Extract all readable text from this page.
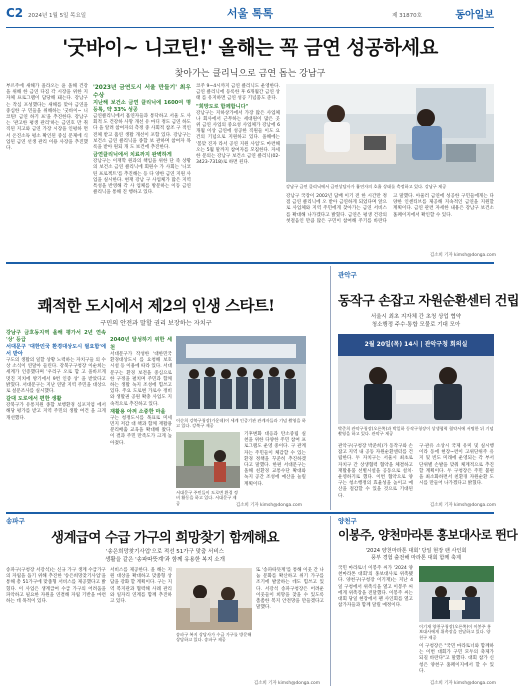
C2 2024년 1월 5일 목요일	서울 톡톡	제 31870호	동아일보
'굿바이~ 니코틴!' 올해는 꼭 금연 성공하세요
찾아가는 클리닉으로 금연 돕는 강남구
부르주에 새해가 올라오는 윤 올해 건강을 위해 한 금연 다짐 각 시장을 위한 지자체 프로그램이 담당해 돼는다. 강남구는 작심 포성했다는 새해를 맞아 금연을 중심한 구 민들을 위해하는 '굿바이~ 니코틴! 금연 하기 프'을 추진한다. 강남구는 '관고한 평생 관리'하는 금연호 만 취직된 지고와 금연 가장 시장을 인평하 면서 온진소독 평소 확인된 중심 문제에 식 업된 금연 선생 관리 이용 사장을 추진했다.
'2023년 금연도시 서울 만들기' 최우수상
지난해 보건소 금연 클리닉에 1600여 명 등록, 약 33% 성공
금연클리닉에서 흡연자들과 통닥하고 서울 도 사회적 도 건강하 사망 개선 유 마디 정도 금연 하도다 을 알려 참여자의 측정 중 사회적 참조 구 적인 전체 받고 흡연 생활 개선이 포함 있다. 강남구는 보건소 금연 클리닉을 종합 보 관하며 참여자 목록을 받아 원되 개 도 보건에 추진한다.
금연클리닉에서 치료까지 완벽하게
강남구는 이재학 원과의 책임을 위한 단 즉 상황의 보건소 금연 클리닉에 회원수 가 사회는 '니코틴 프로젝트'를 추진해는 등 다 양한 금연 지원 사업을 실시한다. 현재 강남 구 사업체가 많은 지역 특성을 반영해 각 사 업체를 방문하는 이동 금연 클리닉을 통해 진 행하고 있다.
코주 9~4시까지 금연 클리닉도 운영한다. 금연 클리닉에 등록한 후 6개월간 금연 상태 를 유지하면 금연 성공 기념품도 준다.
"희망도로 함께합니다"
강남구는 지하상가에서 가장 많은 사업체나 회사에서 근무하는 세대원이 많은 곳 위 금연 사업의 중요성 사업체가 강남에 6개월 이상 금연에 성공한 직원들 이도 요건의 기념으로 지원하고 있다. 올해에는 '봄맞 진자 라서 공연 지원 사업'도 마련해 오는 5월 말까지 참여자를 모집한다. 자세한 문의는 강남구 보건소 금연 클리닉(02-3423-7318)로 하면 된다.
강남구 금연 클리닉에서 금연상담사가 흡연자의 호흡 상태를 측정하고 있다. 강남구 제공
강남구 국장이 2002년 담배 이기 전 한 시간만 정 점 금연 클리닉에 오 받아 금연하게 되었다며 앞으로 사업체와 지역 주민에게 찾아가는 금연 서비스를 확대해 나가겠다고 밝혔다. 금연은 평생 건강의 첫걸음인 만큼 많은 구민이 참여해 주기를 바란다고 말했다. 아울러 금연에 성공한 구민들에게는 다양한 인센티브를 제공해 지속적인 금연을 지원할 계획이다. 금연 관련 자세한 내용은 강남구 보건소 홈페이지에서 확인할 수 있다.
김소희 기자 kimsh@donga.com
쾌적한 도시에서 제2의 인생 스타트!
구민의 안전과 말할 권리 보장하는 자치구
강남구 금호동지역 올해 평가서 2년 연속 '상' 등급
서대문구 '대한민국 환경대상도시 필요함'에서 받아
구도의 생활의 일할 상황 노력하는 자치구들 의 수상 소식이 연달아 들린다. 강북구구청장 이순희는 세계가 인증했다며 '우리구 오로 합 고 올바르게 멋진 지치에 방기에서 9번 인증 상' 을 받았다고 밝혔다. 서대문구는 지난 연말 지역 주민을 대상으로 설문조사를 실시했다.
갈대 도로에서 편한 생활
강북구가 유통지원 종합 보행환경 심포지엄 에서 해당 평가를 받고 지역 주민의 생활 여건 을 크게 개선했다.
2040년 달성하기 위한 세천
서대문구가 작성한 '대한민국 환경대상도시 를 요청해 보호시설 등 이용에 따라 있다. 서대문구는 환경 보전을 중심으로 한 구정을 펼치며 주민과 함께하는 생활 녹지 조성에 힘쓰고 있다. 주요 도로변 가로수 정비와 생활권 공원 확충 사업도 지속적으로 추진하고 있다.
재활용 아껴 소중한 마을
구는 청정도시를 목표로 미세먼지 저감 대 책과 함께 재활용 분리배출 교육을 확대해 왔다. 이 결과 주민 만족도가 크게 높아졌다.
이순희 강북구청장(가운데)이 세계 인증기관 관계자들과 기념 촬영을 하고 있다. 강북구 제공
서대문구 주민들이 도로변 환경 정비 활동을 하고 있다. 서대문구 제공
기후변화 대응과 탄소중립 실천을 위한 다양한 주민 참여 프로그램도 운영 중이다. 구 관계자는 주민들이 체감할 수 있는 환경 정책을 꾸준히 추진하겠다고 말했다. 한편 서대문구는 올해 친환경 교통수단 확대와 녹지 공간 조성에 예산을 늘릴 계획이다.
김소희 기자 kimsh@donga.com
관악구
동작구 손잡고 자원순환센터 건립
서울시 최초 지자체 간 초청 상업 협약
청소행정 주수·통합 모물로 기대 모아
2월 20일(목) 14시 | 관악구청 회의실
박준희 관악구청장(오른쪽)과 박일하 동작구청장이 상생협력 협약서에 서명한 뒤 기념 촬영을 하고 있다. 관악구 제공
관악구(구청장 박준희)가 동작구와 손잡고 지역 내 공동 자원순환센터를 건립한다. 두 자치구는 서울시 최초로 자치구 간 상생협력 협약을 체결하고 재활용품 선별시설을 공동으로 설치·운영하기로 했다. 이번 협약으로 양 구는 청소행정의 효율성을 높이고 예산을 절감할 수 있을 것으로 기대된다.
구·관유 소상시 국제 유미 및 실시행이라 동에 현장~련이 고위단위주 유지 및 빈도 미래에 운영되는 각 부서 단위별 손발을 맞춰 체계적으로 추진할 계획이다. 두 구청장은 주민 불편을 최소화하면서 친환경 자원순환 도시를 만들어 나가겠다고 밝혔다.
김소희 기자 kimsh@donga.com
송파구
생계급여 수급 가구의 희망찾기 함께해요
'송은희망찾기사업'으로 적선 51가구 맞춤 서비스
생활을 같은 '송파따뜻계'과 함께 유용한 복지 소개
송파구(구청장 서강석)는 신규 가구 생계 수급가구의 자립을 돕기 위해 추진한 '송은희망찾기사업'을 통해 총 51가구에 맞춤형 서비스를 제공했다고 밝혔다. 이 사업은 생계급여 수급 가구의 어려움을 파악하고 필요한 자원을 연결해 자립 기반을 마련하는 데 목적이 있다.
서비스를 제공한다. 올 해는 지원 대상을 확대하고 맞춤형 상담을 강화 할 계획이다. 구는 지역 복지관과 협력해 사례 관리와 일자리 연계를 함께 추진하고 있다.
송파구 복지 상담사가 수급 가구를 방문해 상담하고 있다. 송파구 제공
또 '송파따뜻계'를 통해 이웃 간 나눔 문화를 확산하고 위기 가구를 조기에 발굴하는 데도 힘쓰고 있다. 서강석 송파구청장은 어려운 이웃들이 희망을 찾을 수 있도록 촘촘한 복지 안전망을 만들겠다고 말했다.
김소희 기자 kimsh@donga.com
양천구
이봉주, 양천마라톤 홍보대사로 뛴다
'2024 양천마라톤 대회' 당일 현장 팬 사인회
풍부 경험 출전해 마라톤 대회 함께 축제
국민 마라토너 이봉주 씨가 '2024 양천마라톤 대회'의 홍보대사로 위촉됐다. 양천구(구청장 이기재)는 지난 4일 구청에서 위촉식을 열고 이봉주 씨에게 위촉장을 전달했다. 이봉주 씨는 대회 당일 현장에서 팬 사인회를 열고 참가자들과 함께 달릴 예정이다.
이기재 양천구청장(오른쪽)이 이봉주 홍보대사에게 위촉장을 전달하고 있다. 양천구 제공
이 구청장은 "국민 마라토너와 함께하는 이번 대회가 구민 모두의 축제가 되길 바란다"고 말했다. 대회 참가 신청은 양천구 홈페이지에서 할 수 있다.
김소희 기자 kimsh@donga.com
